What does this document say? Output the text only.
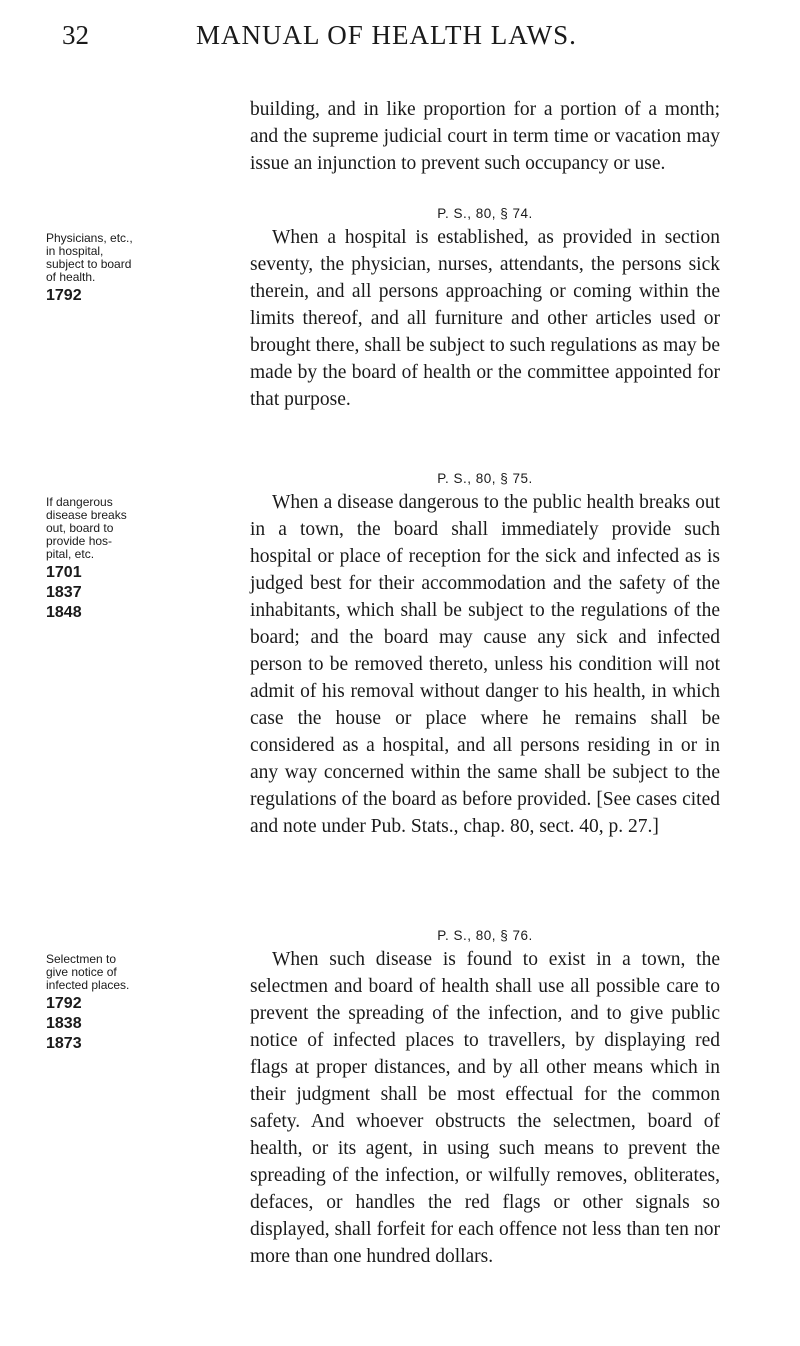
32	MANUAL OF HEALTH LAWS.

building, and in like proportion for a portion of a month; and the supreme judicial court in term time or vacation may issue an injunction to prevent such occupancy or use.

P. S., 80, § 74.

When a hospital is established, as provided in section seventy, the physician, nurses, attendants, the persons sick therein, and all persons approaching or coming within the limits thereof, and all furniture and other articles used or brought there, shall be subject to such regulations as may be made by the board of health or the committee appointed for that purpose.

Physicians, etc.,
in hospital,
subject to board
of health.
1792
P. S., 80, § 75.

When a disease dangerous to the public health breaks out in a town, the board shall immediately provide such hospital or place of reception for the sick and infected as is judged best for their accommodation and the safety of the inhabitants, which shall be subject to the regulations of the board; and the board may cause any sick and infected person to be removed thereto, unless his condition will not admit of his removal without danger to his health, in which case the house or place where he remains shall be considered as a hospital, and all persons residing in or in any way concerned within the same shall be subject to the regulations of the board as before provided. [See cases cited and note under Pub. Stats., chap. 80, sect. 40, p. 27.]

If dangerous
disease breaks
out, board to
provide hos-
pital, etc.
1701
1837
1848
P. S., 80, § 76.

When such disease is found to exist in a town, the selectmen and board of health shall use all possible care to prevent the spreading of the infection, and to give public notice of infected places to travellers, by displaying red flags at proper distances, and by all other means which in their judgment shall be most effectual for the common safety. And whoever obstructs the selectmen, board of health, or its agent, in using such means to prevent the spreading of the infection, or wilfully removes, obliterates, defaces, or handles the red flags or other signals so displayed, shall forfeit for each offence not less than ten nor more than one hundred dollars.

Selectmen to
give notice of
infected places.
1792
1838
1873
